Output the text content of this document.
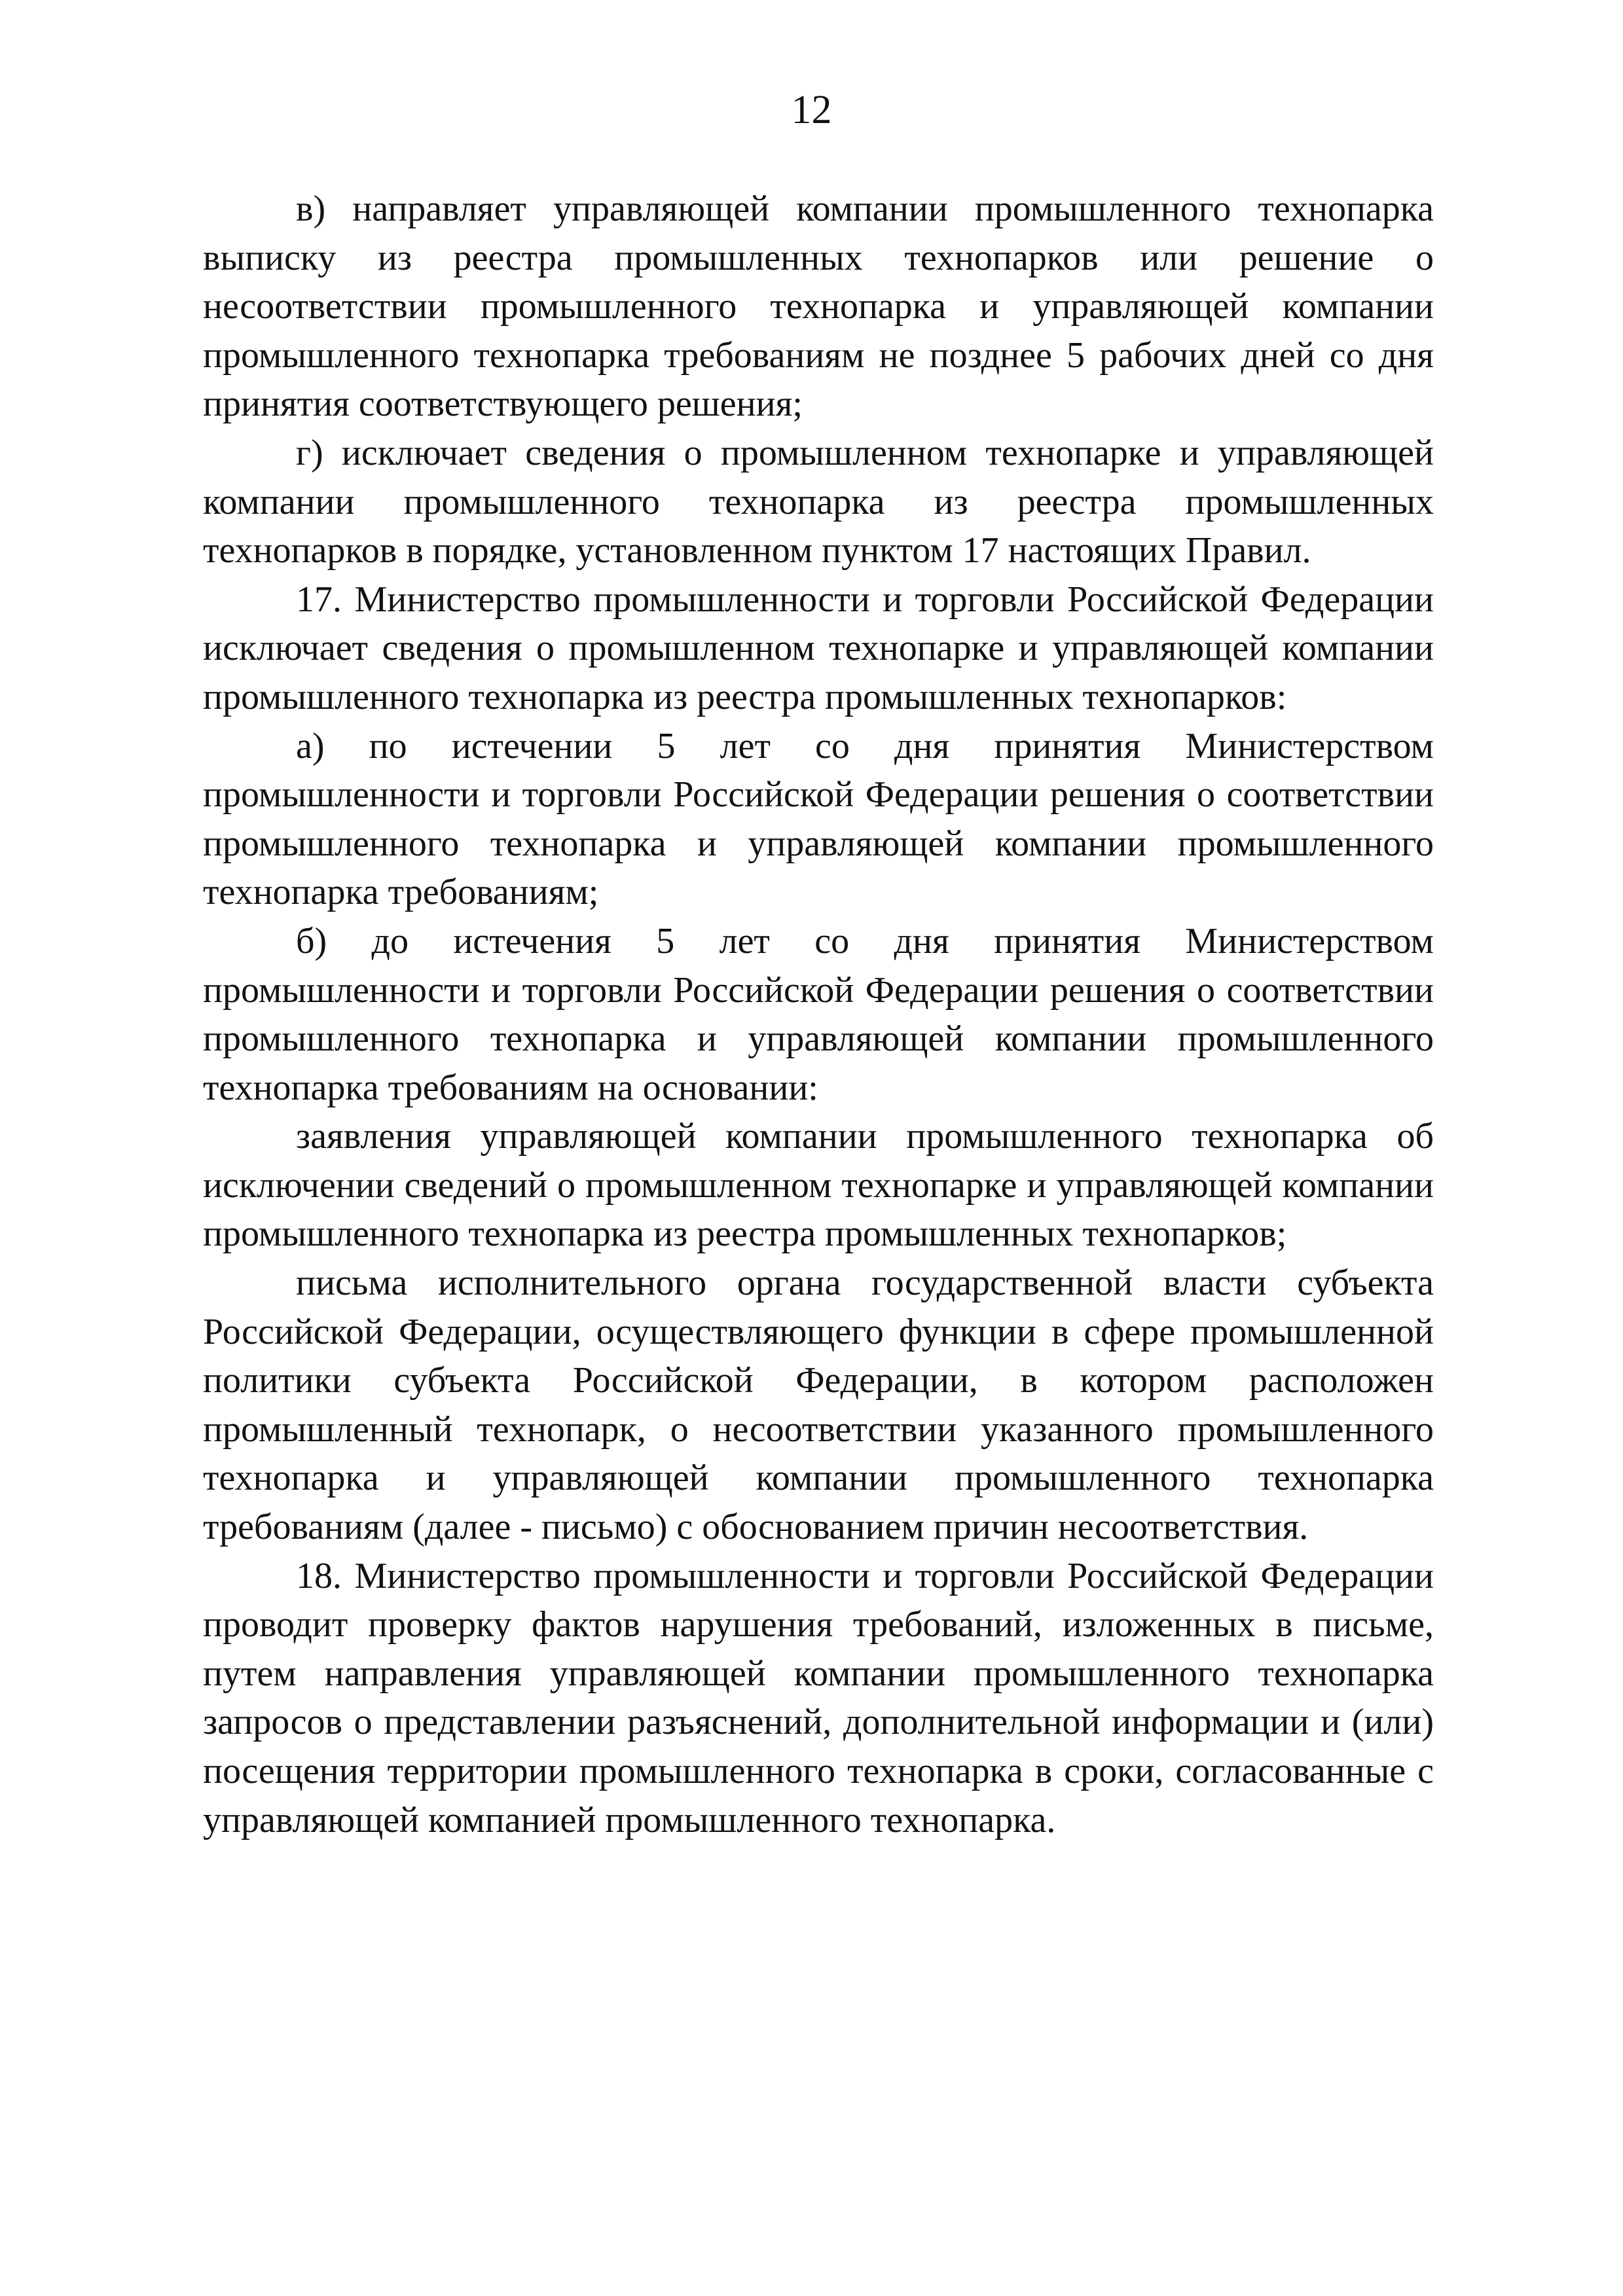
12

в) направляет управляющей компании промышленного технопарка выписку из реестра промышленных технопарков или решение о несоответствии промышленного технопарка и управляющей компании промышленного технопарка требованиям не позднее 5 рабочих дней со дня принятия соответствующего решения;

г) исключает сведения о промышленном технопарке и управляющей компании промышленного технопарка из реестра промышленных технопарков в порядке, установленном пунктом 17 настоящих Правил.

17. Министерство промышленности и торговли Российской Федерации исключает сведения о промышленном технопарке и управляющей компании промышленного технопарка из реестра промышленных технопарков:

а) по истечении 5 лет со дня принятия Министерством промышленности и торговли Российской Федерации решения о соответствии промышленного технопарка и управляющей компании промышленного технопарка требованиям;

б) до истечения 5 лет со дня принятия Министерством промышленности и торговли Российской Федерации решения о соответствии промышленного технопарка и управляющей компании промышленного технопарка требованиям на основании:

заявления управляющей компании промышленного технопарка об исключении сведений о промышленном технопарке и управляющей компании промышленного технопарка из реестра промышленных технопарков;

письма исполнительного органа государственной власти субъекта Российской Федерации, осуществляющего функции в сфере промышленной политики субъекта Российской Федерации, в котором расположен промышленный технопарк, о несоответствии указанного промышленного технопарка и управляющей компании промышленного технопарка требованиям (далее - письмо) с обоснованием причин несоответствия.

18. Министерство промышленности и торговли Российской Федерации проводит проверку фактов нарушения требований, изложенных в письме, путем направления управляющей компании промышленного технопарка запросов о представлении разъяснений, дополнительной информации и (или) посещения территории промышленного технопарка в сроки, согласованные с управляющей компанией промышленного технопарка.
